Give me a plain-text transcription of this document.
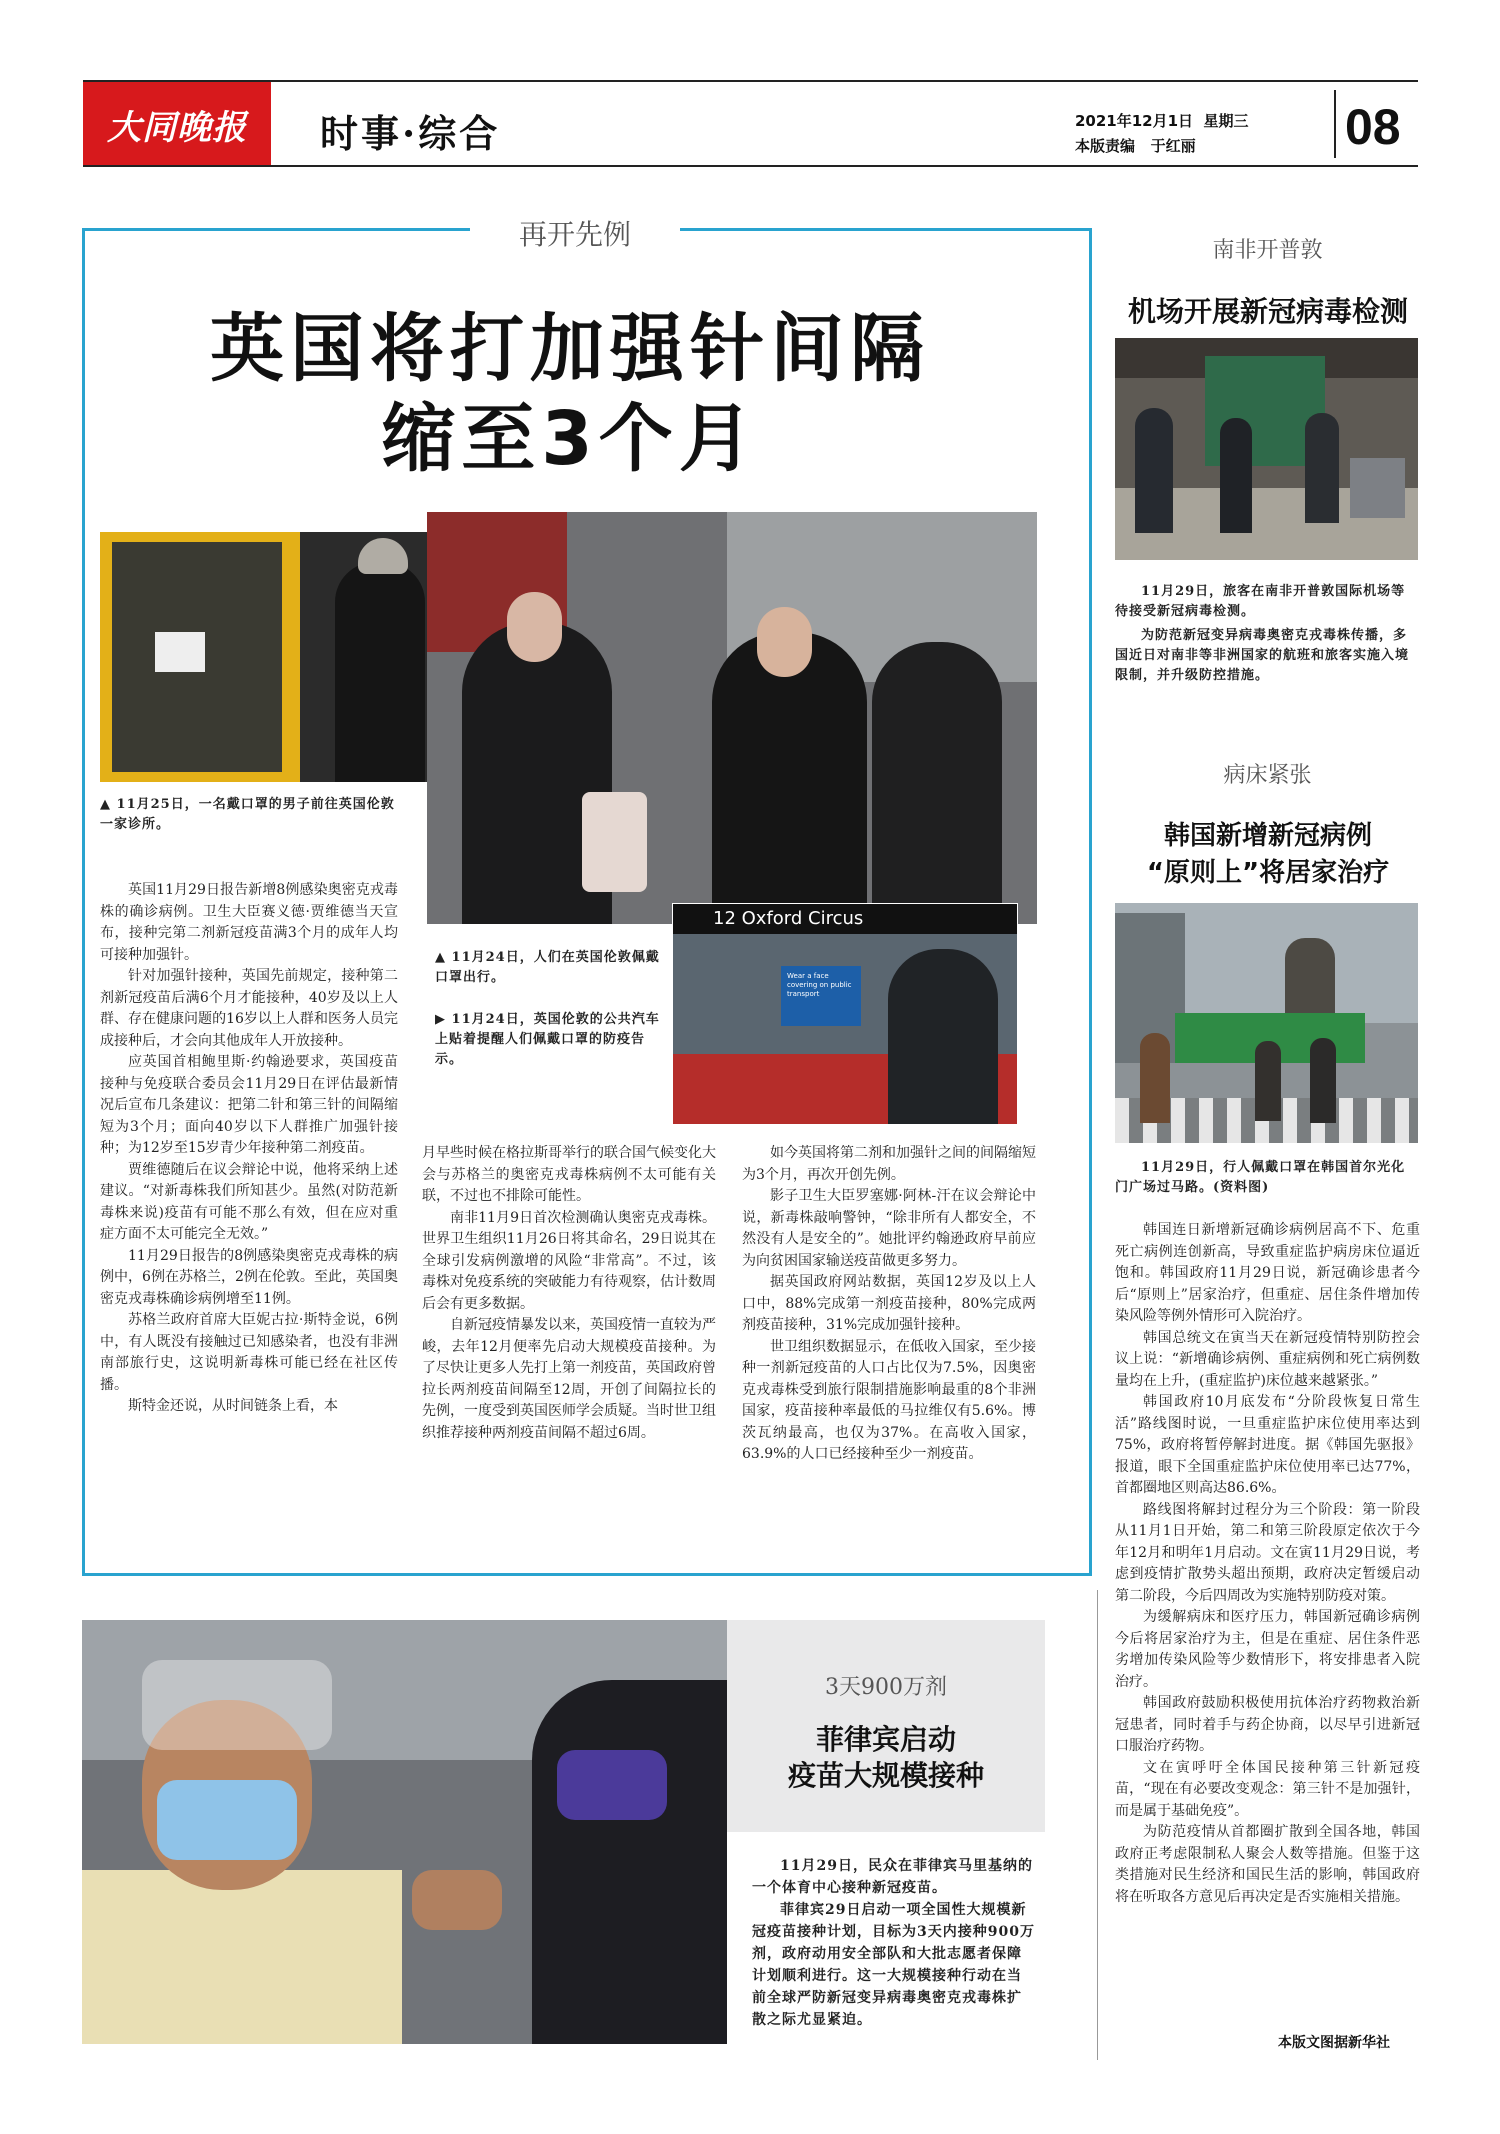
大同晚报 时事·综合	2021年12月1日  星期三
本版责编   于红丽	08
再开先例
英国将打加强针间隔
缩至3个月
▲ 11月25日，一名戴口罩的男子前往英国伦敦一家诊所。
▲ 11月24日，人们在英国伦敦佩戴口罩出行。
▶ 11月24日，英国伦敦的公共汽车上贴着提醒人们佩戴口罩的防疫告示。
12 Oxford Circus
Wear a face covering on public transport

英国11月29日报告新增8例感染奥密克戎毒株的确诊病例。卫生大臣赛义德·贾维德当天宣布，接种完第二剂新冠疫苗满3个月的成年人均可接种加强针。

针对加强针接种，英国先前规定，接种第二剂新冠疫苗后满6个月才能接种，40岁及以上人群、存在健康问题的16岁以上人群和医务人员完成接种后，才会向其他成年人开放接种。

应英国首相鲍里斯·约翰逊要求，英国疫苗接种与免疫联合委员会11月29日在评估最新情况后宣布几条建议：把第二针和第三针的间隔缩短为3个月；面向40岁以下人群推广加强针接种；为12岁至15岁青少年接种第二剂疫苗。

贾维德随后在议会辩论中说，他将采纳上述建议。“对新毒株我们所知甚少。虽然(对防范新毒株来说)疫苗有可能不那么有效，但在应对重症方面不太可能完全无效。”

11月29日报告的8例感染奥密克戎毒株的病例中，6例在苏格兰，2例在伦敦。至此，英国奥密克戎毒株确诊病例增至11例。

苏格兰政府首席大臣妮古拉·斯特金说，6例中，有人既没有接触过已知感染者，也没有非洲南部旅行史，这说明新毒株可能已经在社区传播。

斯特金还说，从时间链条上看，本

月早些时候在格拉斯哥举行的联合国气候变化大会与苏格兰的奥密克戎毒株病例不太可能有关联，不过也不排除可能性。

南非11月9日首次检测确认奥密克戎毒株。世界卫生组织11月26日将其命名，29日说其在全球引发病例激增的风险“非常高”。不过，该毒株对免疫系统的突破能力有待观察，估计数周后会有更多数据。

自新冠疫情暴发以来，英国疫情一直较为严峻，去年12月便率先启动大规模疫苗接种。为了尽快让更多人先打上第一剂疫苗，英国政府曾拉长两剂疫苗间隔至12周，开创了间隔拉长的先例，一度受到英国医师学会质疑。当时世卫组织推荐接种两剂疫苗间隔不超过6周。

如今英国将第二剂和加强针之间的间隔缩短为3个月，再次开创先例。

影子卫生大臣罗塞娜·阿林-汗在议会辩论中说，新毒株敲响警钟，“除非所有人都安全，不然没有人是安全的”。她批评约翰逊政府早前应为向贫困国家输送疫苗做更多努力。

据英国政府网站数据，英国12岁及以上人口中，88%完成第一剂疫苗接种，80%完成两剂疫苗接种，31%完成加强针接种。

世卫组织数据显示，在低收入国家，至少接种一剂新冠疫苗的人口占比仅为7.5%，因奥密克戎毒株受到旅行限制措施影响最重的8个非洲国家，疫苗接种率最低的马拉维仅有5.6%。博茨瓦纳最高，也仅为37%。在高收入国家，63.9%的人口已经接种至少一剂疫苗。

南非开普敦
机场开展新冠病毒检测
11月29日，旅客在南非开普敦国际机场等待接受新冠病毒检测。
为防范新冠变异病毒奥密克戎毒株传播，多国近日对南非等非洲国家的航班和旅客实施入境限制，并升级防控措施。
病床紧张
韩国新增新冠病例
“原则上”将居家治疗
11月29日，行人佩戴口罩在韩国首尔光化门广场过马路。(资料图)

韩国连日新增新冠确诊病例居高不下、危重死亡病例连创新高，导致重症监护病房床位逼近饱和。韩国政府11月29日说，新冠确诊患者今后“原则上”居家治疗，但重症、居住条件增加传染风险等例外情形可入院治疗。

韩国总统文在寅当天在新冠疫情特别防控会议上说：“新增确诊病例、重症病例和死亡病例数量均在上升，(重症监护)床位越来越紧张。”

韩国政府10月底发布“分阶段恢复日常生活”路线图时说，一旦重症监护床位使用率达到75%，政府将暂停解封进度。据《韩国先驱报》报道，眼下全国重症监护床位使用率已达77%，首都圈地区则高达86.6%。

路线图将解封过程分为三个阶段：第一阶段从11月1日开始，第二和第三阶段原定依次于今年12月和明年1月启动。文在寅11月29日说，考虑到疫情扩散势头超出预期，政府决定暂缓启动第二阶段，今后四周改为实施特别防疫对策。

为缓解病床和医疗压力，韩国新冠确诊病例今后将居家治疗为主，但是在重症、居住条件恶劣增加传染风险等少数情形下，将安排患者入院治疗。

韩国政府鼓励积极使用抗体治疗药物救治新冠患者，同时着手与药企协商，以尽早引进新冠口服治疗药物。

文在寅呼吁全体国民接种第三针新冠疫苗，“现在有必要改变观念：第三针不是加强针，而是属于基础免疫”。

为防范疫情从首都圈扩散到全国各地，韩国政府正考虑限制私人聚会人数等措施。但鉴于这类措施对民生经济和国民生活的影响，韩国政府将在听取各方意见后再决定是否实施相关措施。

本版文图据新华社
3天900万剂
菲律宾启动
疫苗大规模接种
11月29日，民众在菲律宾马里基纳的一个体育中心接种新冠疫苗。
菲律宾29日启动一项全国性大规模新冠疫苗接种计划，目标为3天内接种900万剂，政府动用安全部队和大批志愿者保障计划顺利进行。这一大规模接种行动在当前全球严防新冠变异病毒奥密克戎毒株扩散之际尤显紧迫。
